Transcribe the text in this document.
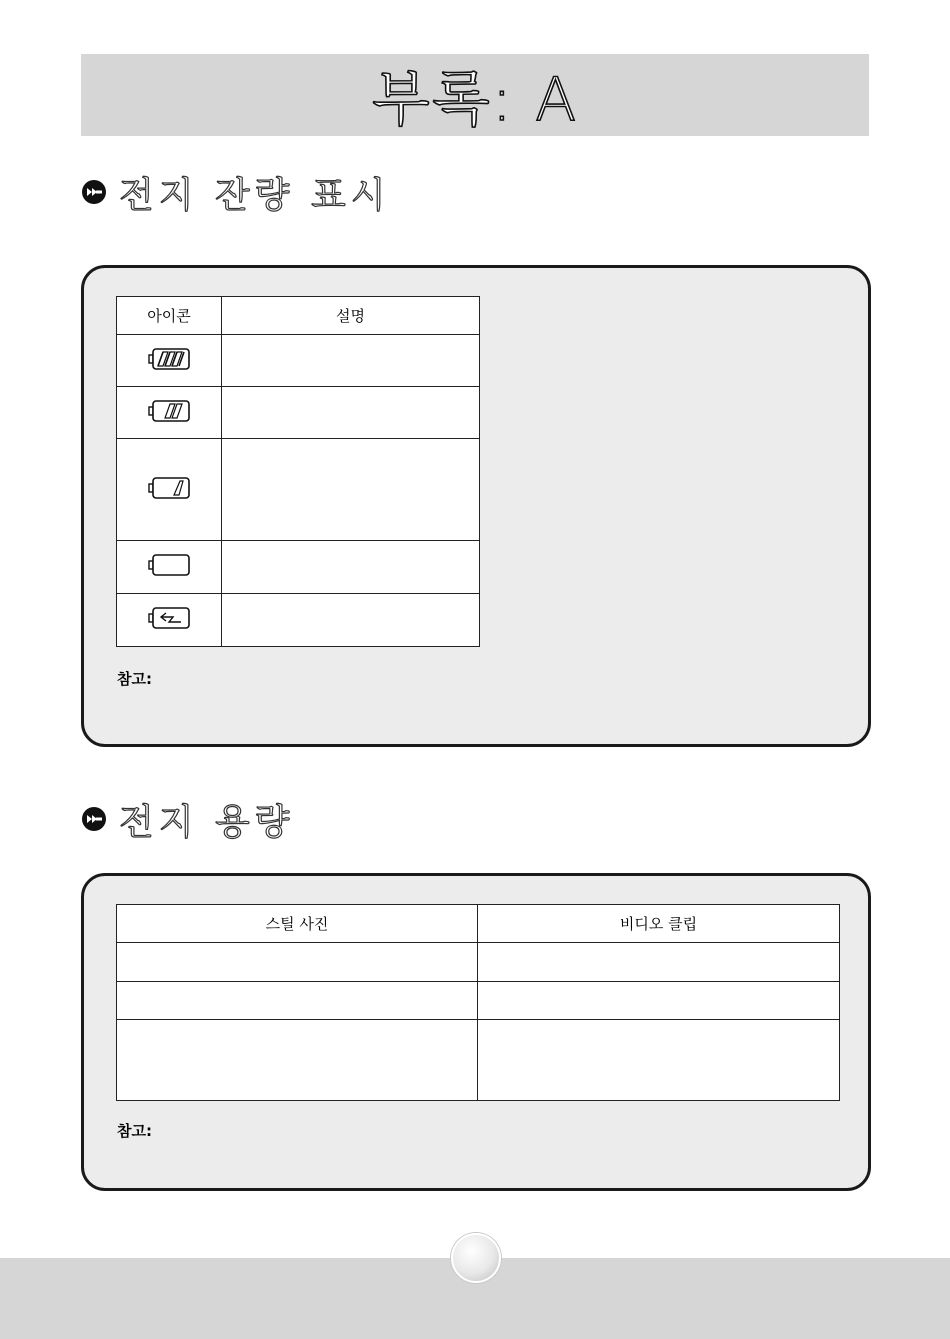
부록: A
전지 잔량 표시
아이콘	설명

참고:
전지 용량
스틸 사진	비디오 클립

참고:
